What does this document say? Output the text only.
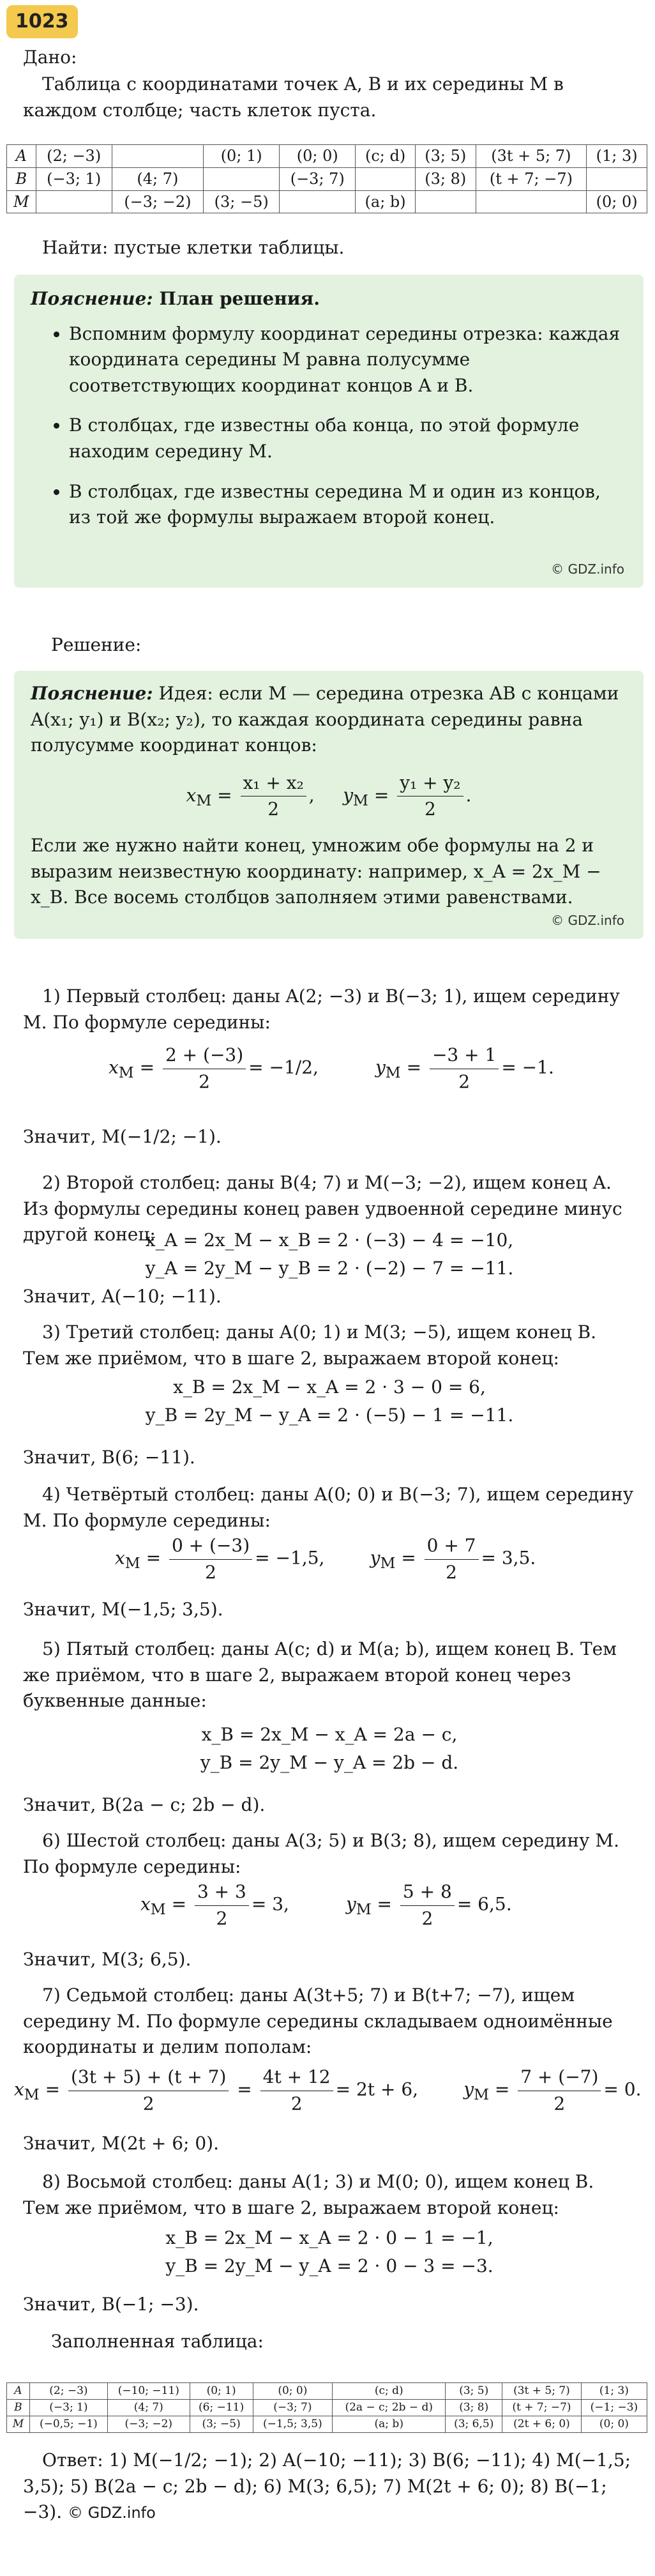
1023

Дано:

Таблица с координатами точек A, B и их середины M в каждом столбце; часть клеток пуста.

A	(2; −3)		(0; 1)	(0; 0)	(c; d)	(3; 5)	(3t + 5; 7)	(1; 3)
B	(−3; 1)	(4; 7)		(−3; 7)		(3; 8)	(t + 7; −7)	
M		(−3; −2)	(3; −5)		(a; b)			(0; 0)

Найти: пустые клетки таблицы.

Пояснение: План решения.
• Вспомним формулу координат середины отрезка: каждая координата середины M равна полусумме соответствующих координат концов A и B.
• В столбцах, где известны оба конца, по этой формуле находим середину M.
• В столбцах, где известны середина M и один из концов, из той же формулы выражаем второй конец.
© GDZ.info

Решение:

Пояснение: Идея: если M — середина отрезка AB с концами A(x₁; y₁) и B(x₂; y₂), то каждая координата середины равна полусумме координат концов:

$x_M = \frac{\text{x₁ + x₂}}{2}$ ,     $y_M = \frac{\text{y₁ + y₂}}{2}$ .

Если же нужно найти конец, умножим обе формулы на 2 и выразим неизвестную координату: например, x_A = 2x_M − x_B. Все восемь столбцов заполняем этими равенствами.

© GDZ.info

1) Первый столбец: даны A(2; −3) и B(−3; 1), ищем середину M. По формуле середины:

$x_M = \frac{2 + (-3)}{2} = -1/2$,	$y_M = \frac{-3 + 1}{2} = -1$.

Значит, M(−1/2; −1).

2) Второй столбец: даны B(4; 7) и M(−3; −2), ищем конец A. Из формулы середины конец равен удвоенной середине минус другой конец:

x_A = 2x_M − x_B = 2 · (−3) − 4 = −10,

y_A = 2y_M − y_B = 2 · (−2) − 7 = −11.

Значит, A(−10; −11).

3) Третий столбец: даны A(0; 1) и M(3; −5), ищем конец B. Тем же приёмом, что в шаге 2, выражаем второй конец:

x_B = 2x_M − x_A = 2 · 3 − 0 = 6,

y_B = 2y_M − y_A = 2 · (−5) − 1 = −11.

Значит, B(6; −11).

4) Четвёртый столбец: даны A(0; 0) и B(−3; 7), ищем середину M. По формуле середины:

$x_M = \frac{0 + (-3)}{2} = -1,5$,	$y_M = \frac{0 + 7}{2} = 3,5$.

Значит, M(−1,5; 3,5).

5) Пятый столбец: даны A(c; d) и M(a; b), ищем конец B. Тем же приёмом, что в шаге 2, выражаем второй конец через буквенные данные:

x_B = 2x_M − x_A = 2a − c,

y_B = 2y_M − y_A = 2b − d.

Значит, B(2a − c; 2b − d).

6) Шестой столбец: даны A(3; 5) и B(3; 8), ищем середину M. По формуле середины:

$x_M = \frac{3 + 3}{2} = 3$,	$y_M = \frac{5 + 8}{2} = 6,5$.

Значит, M(3; 6,5).

7) Седьмой столбец: даны A(3t+5; 7) и B(t+7; −7), ищем середину M. По формуле середины складываем одноимённые координаты и делим пополам:

$x_M = \frac{(3t + 5) + (t + 7)}{2} = \frac{4t + 12}{2} = 2t + 6$,	$y_M = \frac{7 + (-7)}{2} = 0$.

Значит, M(2t + 6; 0).

8) Восьмой столбец: даны A(1; 3) и M(0; 0), ищем конец B. Тем же приёмом, что в шаге 2, выражаем второй конец:

x_B = 2x_M − x_A = 2 · 0 − 1 = −1,

y_B = 2y_M − y_A = 2 · 0 − 3 = −3.

Значит, B(−1; −3).

Заполненная таблица:

A	(2; −3)	(−10; −11)	(0; 1)	(0; 0)	(c; d)	(3; 5)	(3t + 5; 7)	(1; 3)
B	(−3; 1)	(4; 7)	(6; −11)	(−3; 7)	(2a − c; 2b − d)	(3; 8)	(t + 7; −7)	(−1; −3)
M	(−0,5; −1)	(−3; −2)	(3; −5)	(−1,5; 3,5)	(a; b)	(3; 6,5)	(2t + 6; 0)	(0; 0)

Ответ: 1) M(−1/2; −1); 2) A(−10; −11); 3) B(6; −11); 4) M(−1,5; 3,5); 5) B(2a − c; 2b − d); 6) M(3; 6,5); 7) M(2t + 6; 0); 8) B(−1; −3). © GDZ.info
